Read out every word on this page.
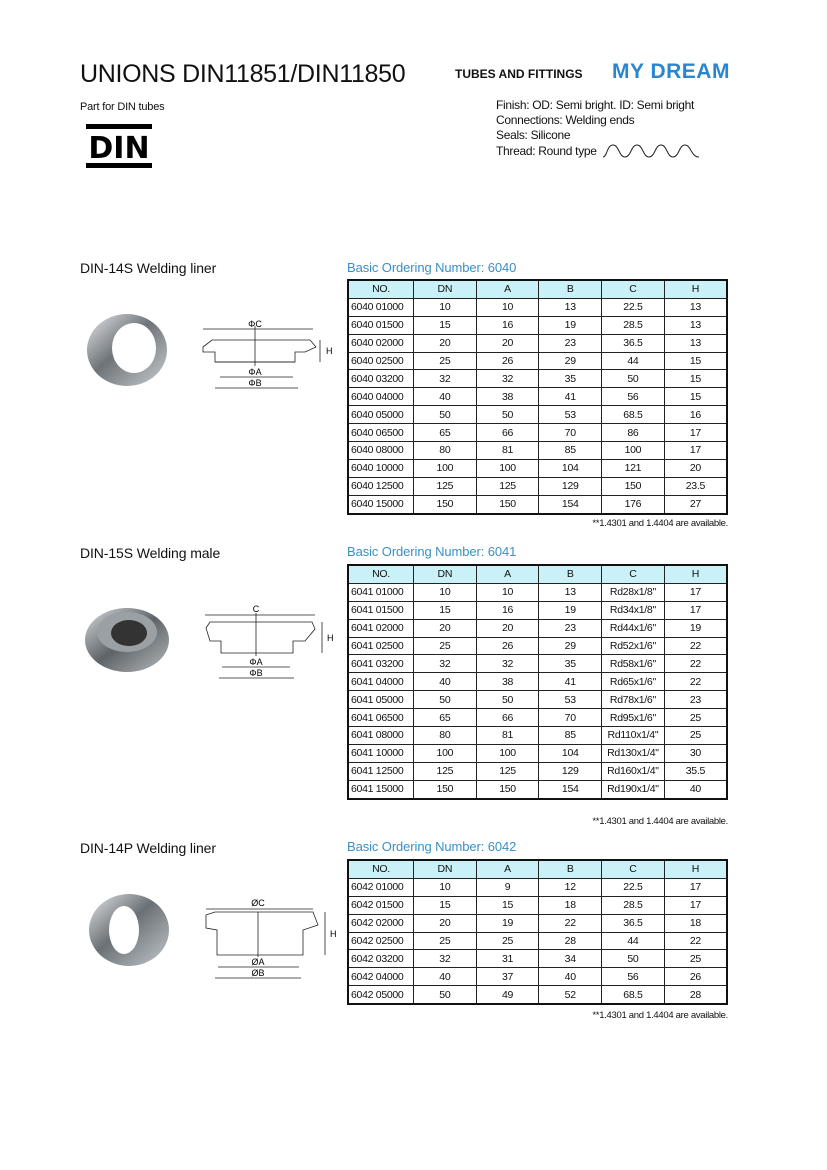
UNIONS DIN11851/DIN11850	TUBES AND FITTINGS MY DREAM
Part for DIN tubes
DIN
Finish: OD: Semi bright. ID: Semi bright
Connections: Welding ends
Seals: Silicone
Thread: Round type
DIN-14S Welding liner	Basic Ordering Number: 6040
NO.	DN	A	B	C	H
6040 01000	10	10	13	22.5	13
6040 01500	15	16	19	28.5	13
6040 02000	20	20	23	36.5	13
6040 02500	25	26	29	44	15
6040 03200	32	32	35	50	15
6040 04000	40	38	41	56	15
6040 05000	50	50	53	68.5	16
6040 06500	65	66	70	86	17
6040 08000	80	81	85	100	17
6040 10000	100	100	104	121	20
6040 12500	125	125	129	150	23.5
6040 15000	150	150	154	176	27
**1.4301 and 1.4404 are available.
ΦC
ΦA
ΦB
H
DIN-15S Welding male	Basic Ordering Number: 6041
NO.	DN	A	B	C	H
6041 01000	10	10	13	Rd28x1/8"	17
6041 01500	15	16	19	Rd34x1/8"	17
6041 02000	20	20	23	Rd44x1/6"	19
6041 02500	25	26	29	Rd52x1/6"	22
6041 03200	32	32	35	Rd58x1/6"	22
6041 04000	40	38	41	Rd65x1/6"	22
6041 05000	50	50	53	Rd78x1/6"	23
6041 06500	65	66	70	Rd95x1/6"	25
6041 08000	80	81	85	Rd110x1/4"	25
6041 10000	100	100	104	Rd130x1/4"	30
6041 12500	125	125	129	Rd160x1/4"	35.5
6041 15000	150	150	154	Rd190x1/4"	40
**1.4301 and 1.4404 are available.
C
ΦA
ΦB
H
DIN-14P Welding liner	Basic Ordering Number: 6042
NO.	DN	A	B	C	H
6042 01000	10	9	12	22.5	17
6042 01500	15	15	18	28.5	17
6042 02000	20	19	22	36.5	18
6042 02500	25	25	28	44	22
6042 03200	32	31	34	50	25
6042 04000	40	37	40	56	26
6042 05000	50	49	52	68.5	28
**1.4301 and 1.4404 are available.
ØC
ØA
ØB
H
